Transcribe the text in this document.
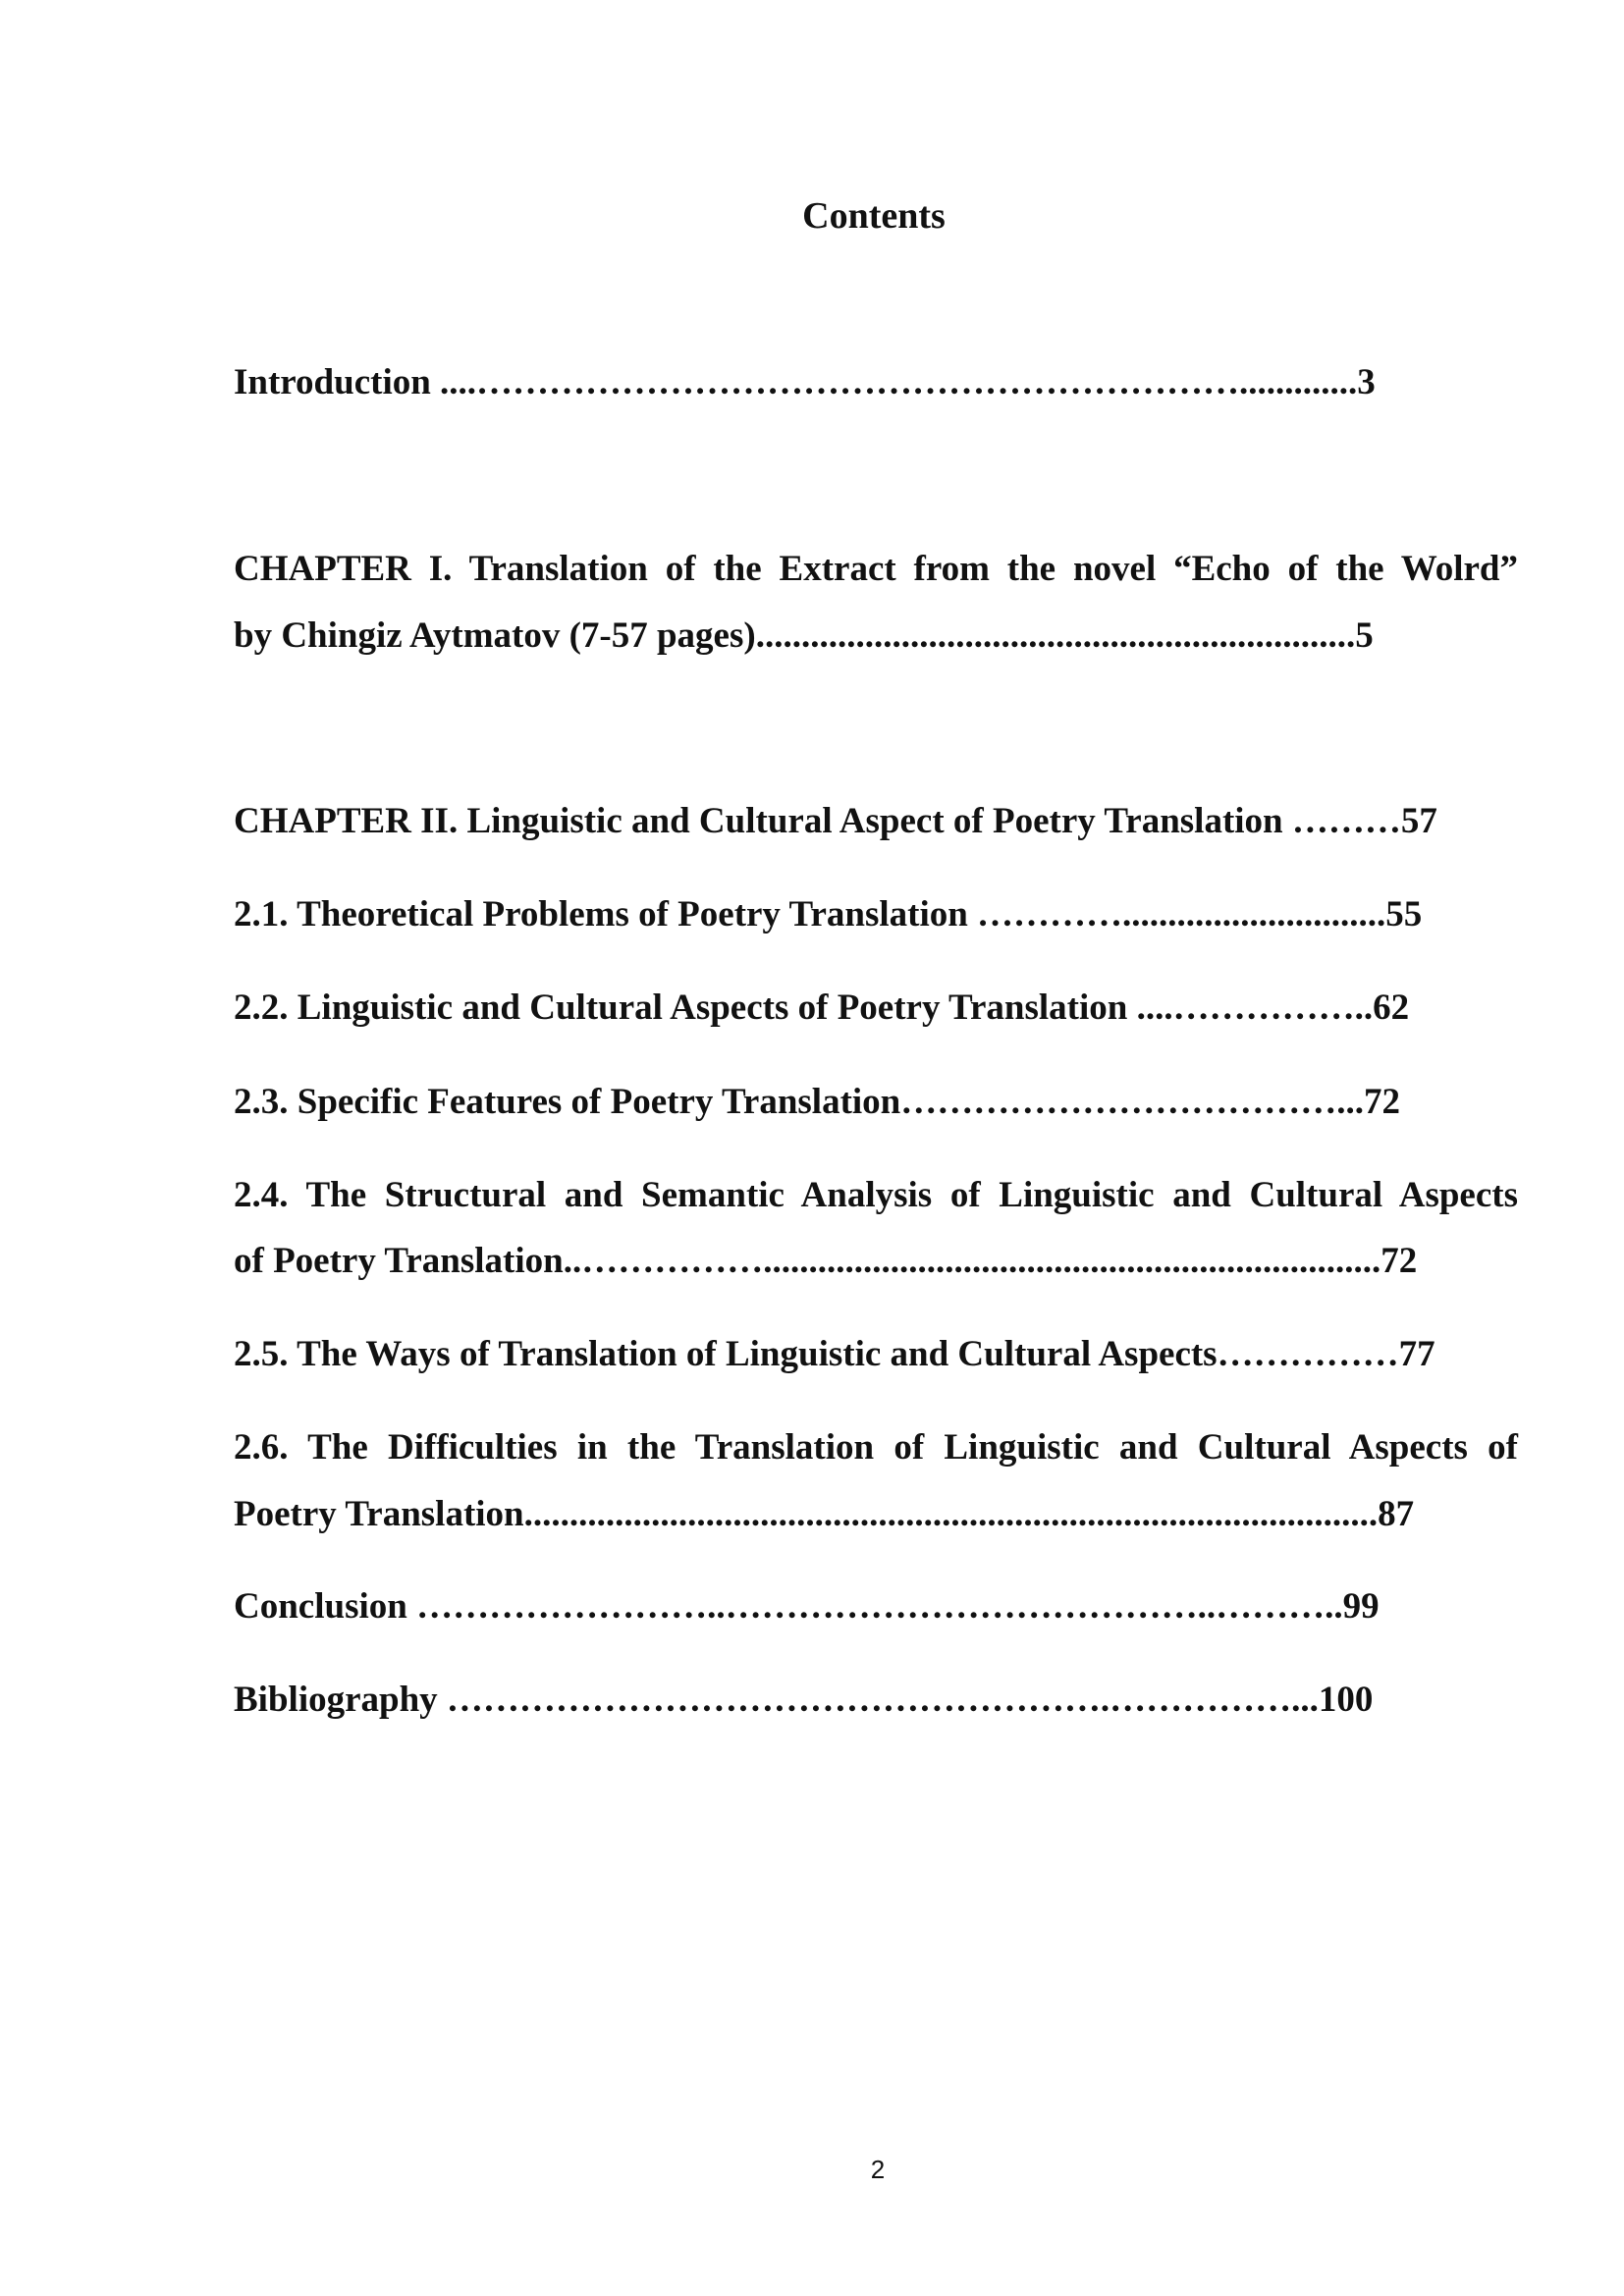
Contents
Introduction ....……………………………………………………….............3
CHAPTER I. Translation of the Extract from the novel “Echo of the Wolrd”
by Chingiz Aytmatov (7-57 pages)..................................................................5
CHAPTER II. Linguistic and Cultural Aspect of Poetry Translation ………57
2.1. Theoretical Problems of Poetry Translation ………….............................55
2.2. Linguistic and Cultural Aspects of Poetry Translation ....……………..62
2.3. Specific Features of Poetry Translation………………………………...72
2.4. The Structural and Semantic Analysis of Linguistic and Cultural Aspects
of Poetry Translation..……………....................................................................72
2.5. The Ways of Translation of Linguistic and Cultural Aspects……………77
2.6. The Difficulties in the Translation of Linguistic and Cultural Aspects of
Poetry Translation..............................................................................................87
Conclusion ……………………..…………………………………..………..99
Bibliography ……………………………………………….……………...100
2
